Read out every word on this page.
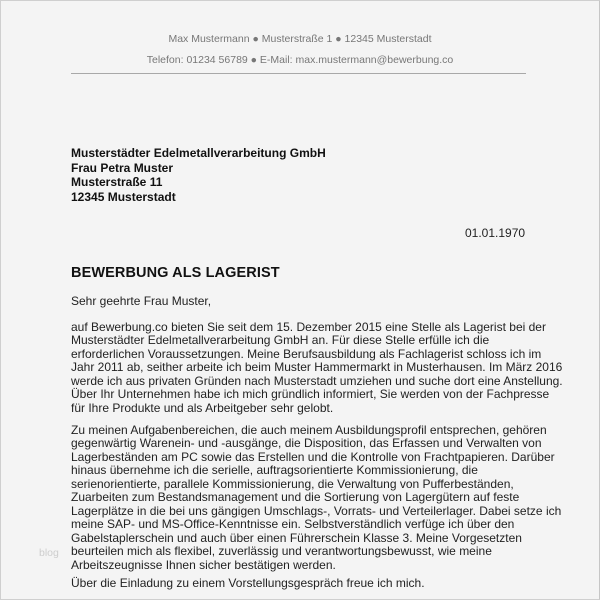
Max Mustermann ● Musterstraße 1 ● 12345 Musterstadt
Telefon: 01234 56789 ● E-Mail: max.mustermann@bewerbung.co
Musterstädter Edelmetallverarbeitung GmbH
Frau Petra Muster
Musterstraße 11
12345 Musterstadt
01.01.1970
BEWERBUNG ALS LAGERIST
Sehr geehrte Frau Muster,
auf Bewerbung.co bieten Sie seit dem 15. Dezember 2015 eine Stelle als Lagerist bei der
Musterstädter Edelmetallverarbeitung GmbH an. Für diese Stelle erfülle ich die
erforderlichen Voraussetzungen. Meine Berufsausbildung als Fachlagerist schloss ich im
Jahr 2011 ab, seither arbeite ich beim Muster Hammermarkt in Musterhausen. Im März 2016
werde ich aus privaten Gründen nach Musterstadt umziehen und suche dort eine Anstellung.
Über Ihr Unternehmen habe ich mich gründlich informiert, Sie werden von der Fachpresse
für Ihre Produkte und als Arbeitgeber sehr gelobt.
Zu meinen Aufgabenbereichen, die auch meinem Ausbildungsprofil entsprechen, gehören
gegenwärtig Warenein- und -ausgänge, die Disposition, das Erfassen und Verwalten von
Lagerbeständen am PC sowie das Erstellen und die Kontrolle von Frachtpapieren. Darüber
hinaus übernehme ich die serielle, auftragsorientierte Kommissionierung, die
serienorientierte, parallele Kommissionierung, die Verwaltung von Pufferbeständen,
Zuarbeiten zum Bestandsmanagement und die Sortierung von Lagergütern auf feste
Lagerplätze in die bei uns gängigen Umschlags-, Vorrats- und Verteilerlager. Dabei setze ich
meine SAP- und MS-Office-Kenntnisse ein. Selbstverständlich verfüge ich über den
Gabelstaplerschein und auch über einen Führerschein Klasse 3. Meine Vorgesetzten
beurteilen mich als flexibel, zuverlässig und verantwortungsbewusst, wie meine
Arbeitszeugnisse Ihnen sicher bestätigen werden.
Über die Einladung zu einem Vorstellungsgespräch freue ich mich.
blog
